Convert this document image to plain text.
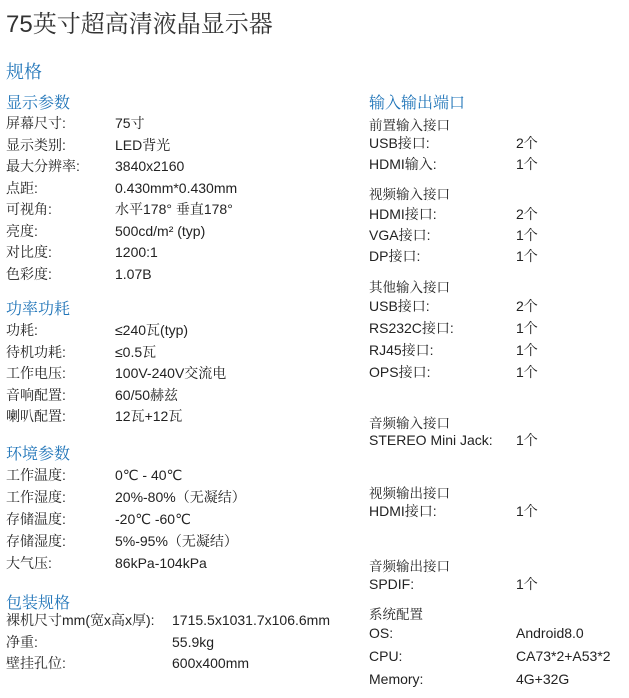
75英寸超高清液晶显示器
规格
显示参数
屏幕尺寸:	75寸
显示类别:	LED背光
最大分辨率:	3840x2160
点距:	0.430mm*0.430mm
可视角:	水平178° 垂直178°
亮度:	500cd/m² (typ)
对比度:	1200:1
色彩度:	1.07B
功率功耗
功耗:	≤240瓦(typ)
待机功耗:	≤0.5瓦
工作电压:	100V-240V交流电
音响配置:	60/50赫兹
喇叭配置:	12瓦+12瓦
环境参数
工作温度:	0℃ - 40℃
工作湿度:	20%-80%（无凝结）
存储温度:	-20℃ -60℃
存储湿度:	5%-95%（无凝结）
大气压:	86kPa-104kPa
包装规格
裸机尺寸mm(宽x高x厚): 1715.5x1031.7x106.6mm
净重:	55.9kg
壁挂孔位:	600x400mm
输入输出端口
前置输入接口
USB接口:	2个
HDMI输入:	1个
视频输入接口
HDMI接口:	2个
VGA接口:	1个
DP接口:	1个
其他输入接口
USB接口:	2个
RS232C接口:	1个
RJ45接口:	1个
OPS接口:	1个
音频输入接口
STEREO Mini Jack: 1个
视频输出接口
HDMI接口:	1个
音频输出接口
SPDIF:	1个
系统配置
OS:	Android8.0
CPU:	CA73*2+A53*2
Memory:	4G+32G
